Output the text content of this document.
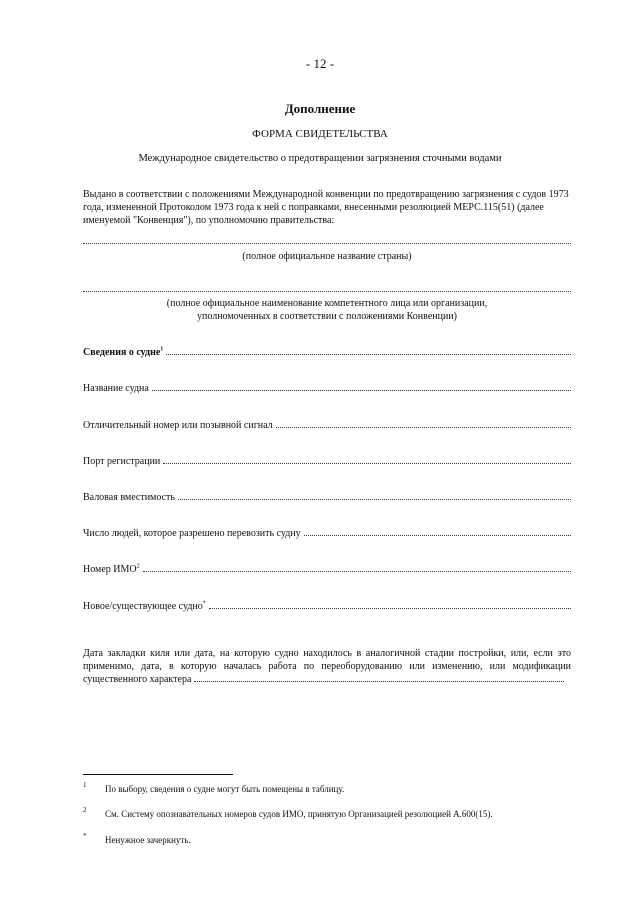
- 12 -
Дополнение
ФОРМА СВИДЕТЕЛЬСТВА
Международное свидетельство о предотвращении загрязнения сточными водами
Выдано в соответствии с положениями Международной конвенции по предотвращению загрязнения с судов 1973 года, измененной Протоколом 1973 года к ней с поправками, внесенными резолюцией МЕРС.115(51) (далее именуемой "Конвенция"), по уполномочию правительства:
(полное официальное название страны)
(полное официальное наименование компетентного лица или организации,
уполномоченных в соответствии с положениями Конвенции)
Сведения о судне$^1$
Название судна
Отличительный номер или позывной сигнал
Порт регистрации
Валовая вместимость
Число людей, которое разрешено перевозить судну
Номер ИМО$^2$
Новое/существующее судно*
Дата закладки киля или дата, на которую судно находилось в аналогичной стадии постройки, или, если это применимо, дата, в которую началась работа по переоборудованию или изменению, или модификации существенного характера
1 По выбору, сведения о судне могут быть помещены в таблицу.
2 См. Систему опознавательных номеров судов ИМО, принятую Организацией резолюцией А.600(15).
* Ненужное зачеркнуть.
